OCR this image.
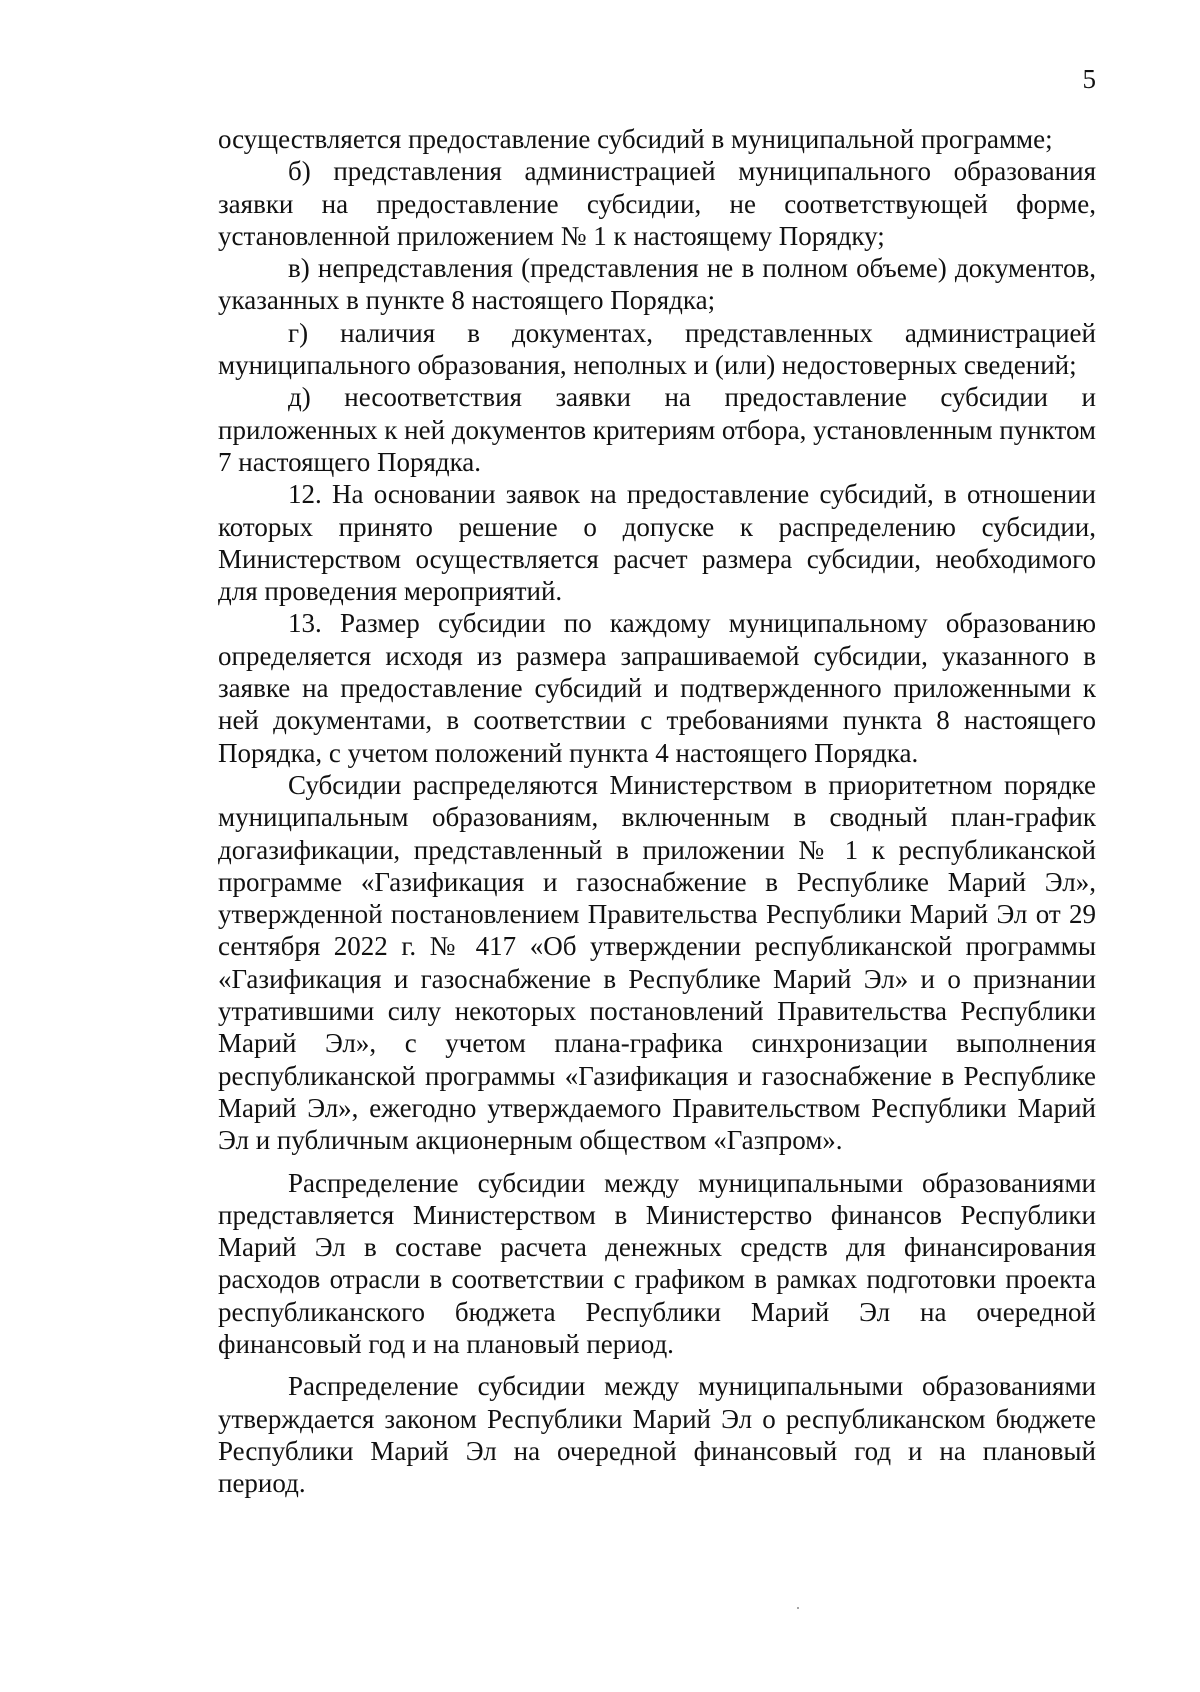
5

осуществляется предоставление субсидий в муниципальной программе;

б) представления администрацией муниципального образования заявки на предоставление субсидии, не соответствующей форме, установленной приложением № 1 к настоящему Порядку;

в) непредставления (представления не в полном объеме) документов, указанных в пункте 8 настоящего Порядка;

г) наличия в документах, представленных администрацией муниципального образования, неполных и (или) недостоверных сведений;

д) несоответствия заявки на предоставление субсидии и приложенных к ней документов критериям отбора, установленным пунктом 7 настоящего Порядка.

12. На основании заявок на предоставление субсидий, в отношении которых принято решение о допуске к распределению субсидии, Министерством осуществляется расчет размера субсидии, необходимого для проведения мероприятий.

13. Размер субсидии по каждому муниципальному образованию определяется исходя из размера запрашиваемой субсидии, указанного в заявке на предоставление субсидий и подтвержденного приложенными к ней документами, в соответствии с требованиями пункта 8 настоящего Порядка, с учетом положений пункта 4 настоящего Порядка.

Субсидии распределяются Министерством в приоритетном порядке муниципальным образованиям, включенным в сводный план-график догазификации, представленный в приложении № 1 к республиканской программе «Газификация и газоснабжение в Республике Марий Эл», утвержденной постановлением Правительства Республики Марий Эл от 29 сентября 2022 г. № 417 «Об утверждении республиканской программы «Газификация и газоснабжение в Республике Марий Эл» и о признании утратившими силу некоторых постановлений Правительства Республики Марий Эл», с учетом плана-графика синхронизации выполнения республиканской программы «Газификация и газоснабжение в Республике Марий Эл», ежегодно утверждаемого Правительством Республики Марий Эл и публичным акционерным обществом «Газпром».

Распределение субсидии между муниципальными образованиями представляется Министерством в Министерство финансов Республики Марий Эл в составе расчета денежных средств для финансирования расходов отрасли в соответствии с графиком в рамках подготовки проекта республиканского бюджета Республики Марий Эл на очередной финансовый год и на плановый период.

Распределение субсидии между муниципальными образованиями утверждается законом Республики Марий Эл о республиканском бюджете Республики Марий Эл на очередной финансовый год и на плановый период.
